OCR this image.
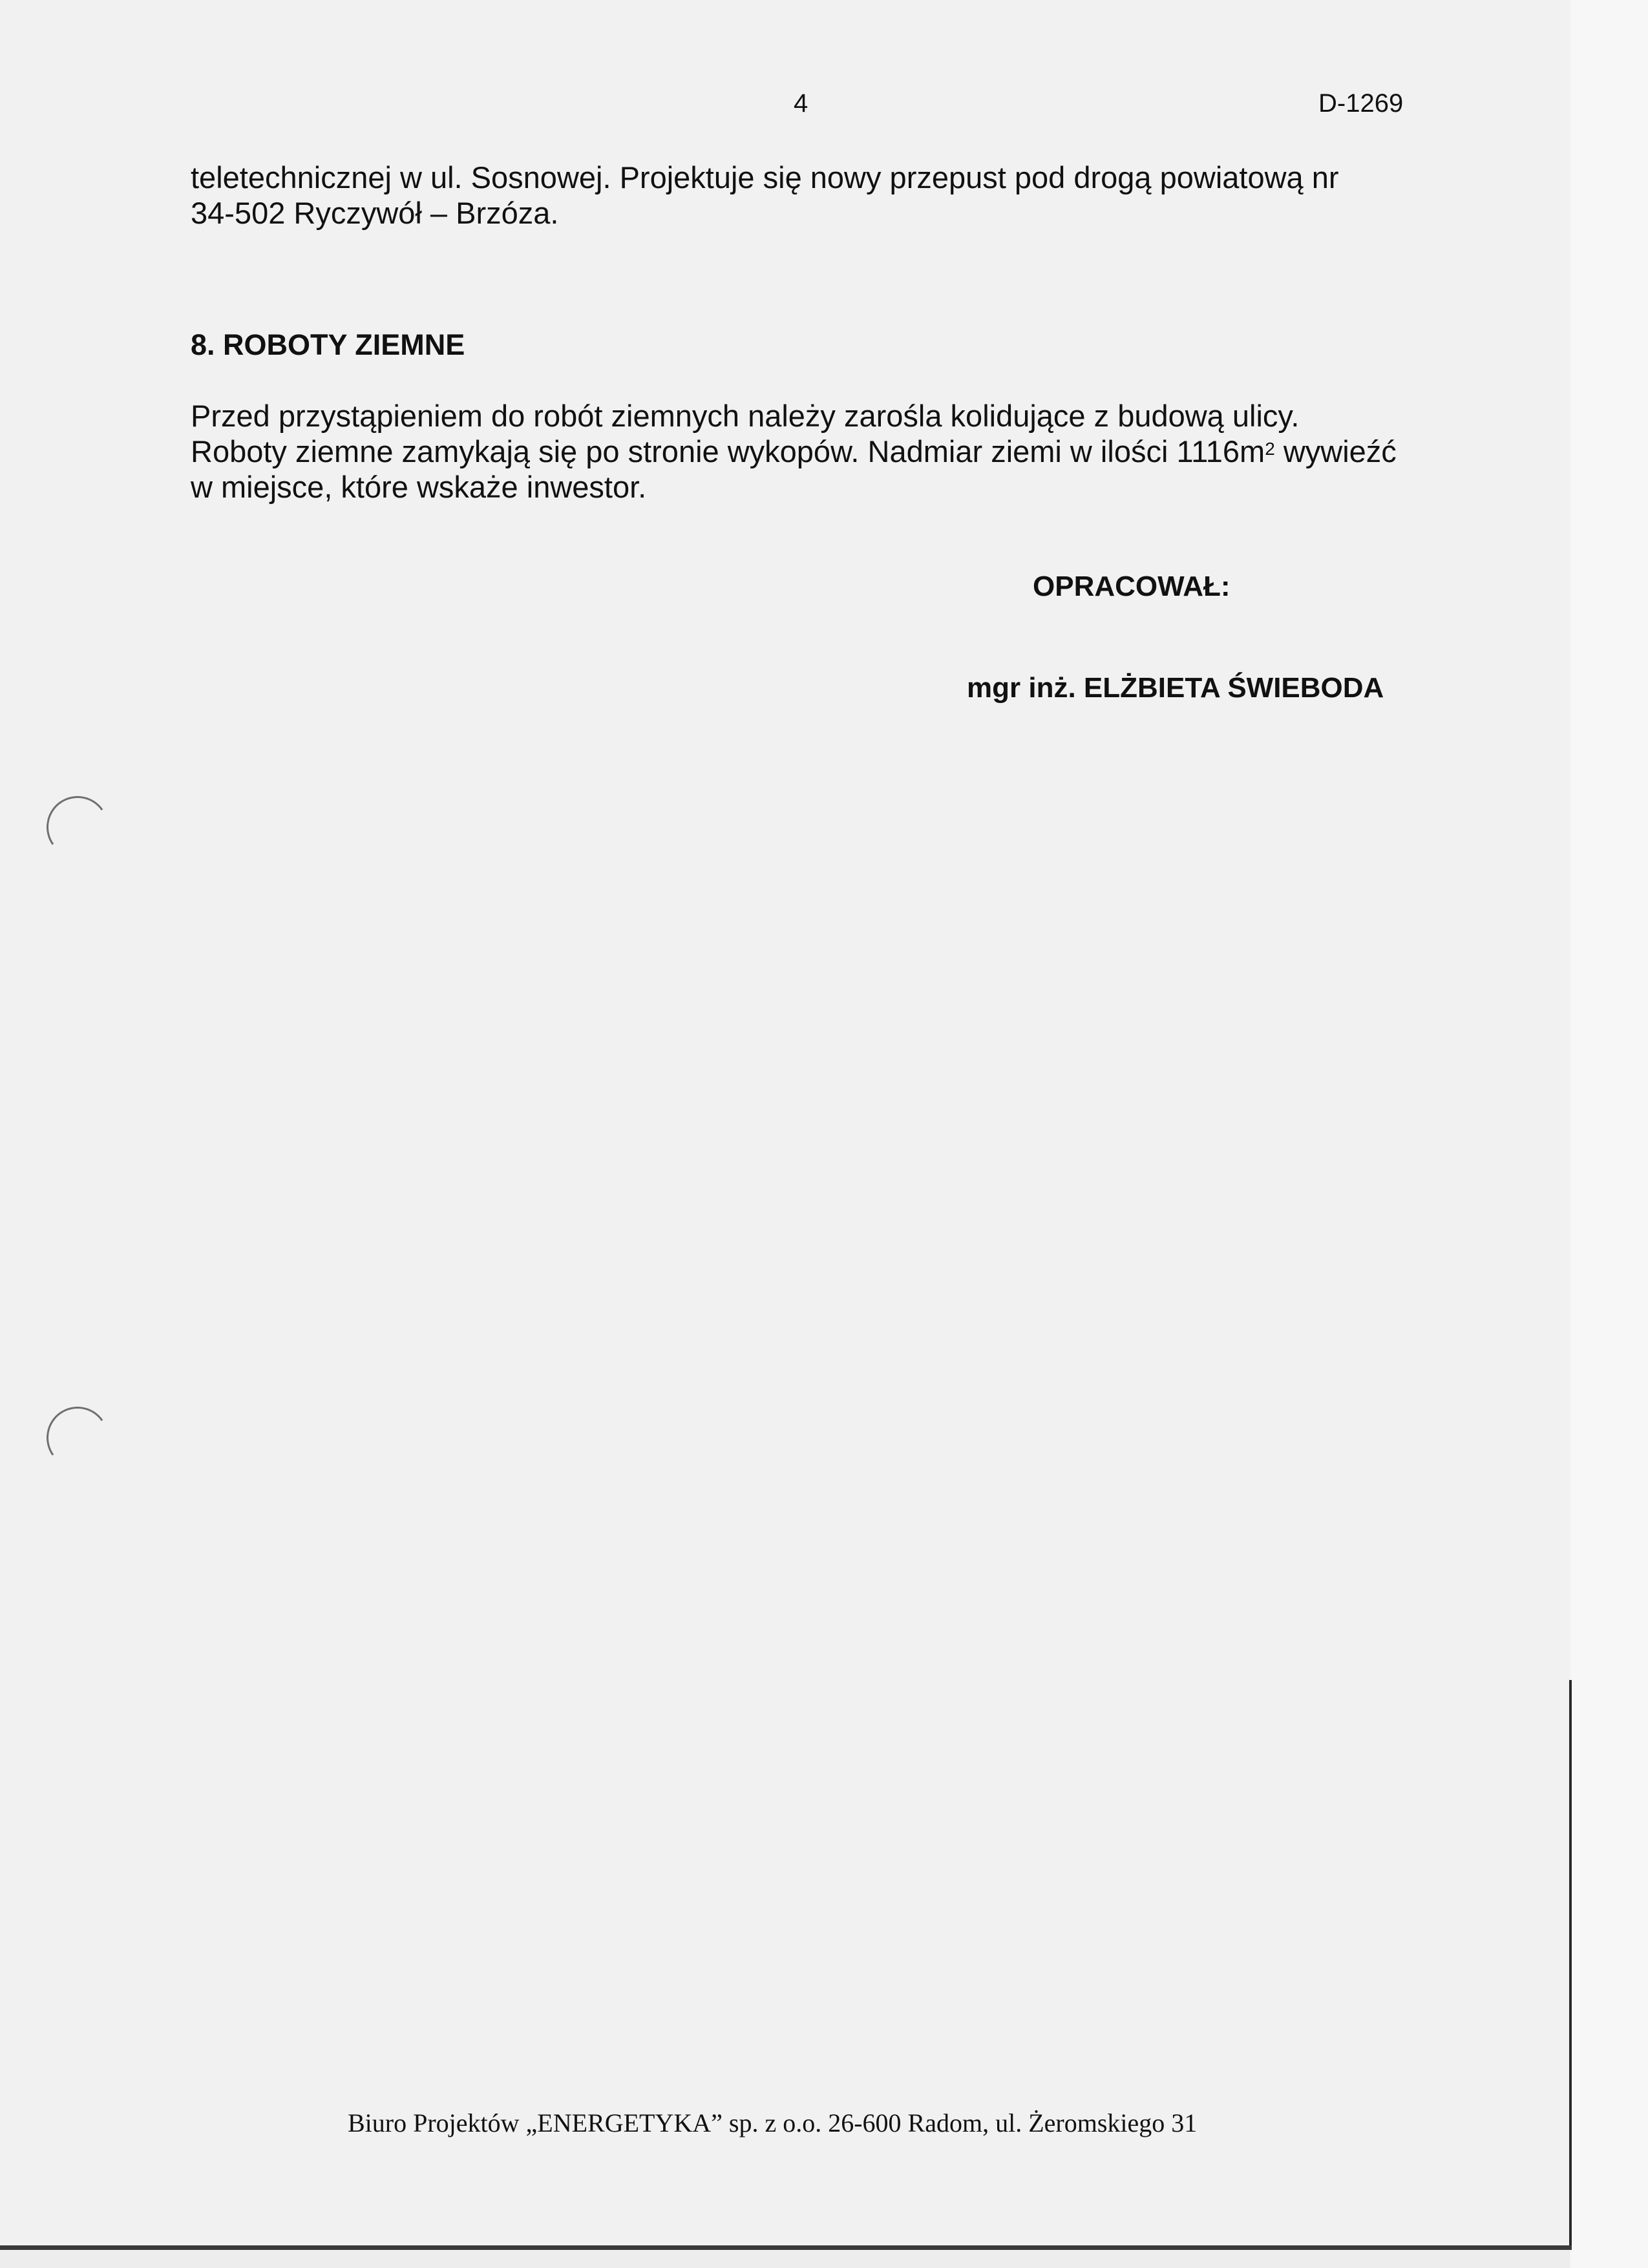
4	D-1269

teletechnicznej w ul. Sosnowej. Projektuje się nowy przepust pod drogą powiatową nr 34-502 Ryczywół – Brzóza.

8. ROBOTY ZIEMNE

Przed przystąpieniem do robót ziemnych należy zarośla kolidujące z budową ulicy.
Roboty ziemne zamykają się po stronie wykopów. Nadmiar ziemi w ilości $1116m^2$ wywieźć w miejsce, które wskaże inwestor.

OPRACOWAŁ:
mgr inż. ELŻBIETA ŚWIEBODA
Biuro Projektów „ENERGETYKA” sp. z o.o. 26-600 Radom, ul. Żeromskiego 31
